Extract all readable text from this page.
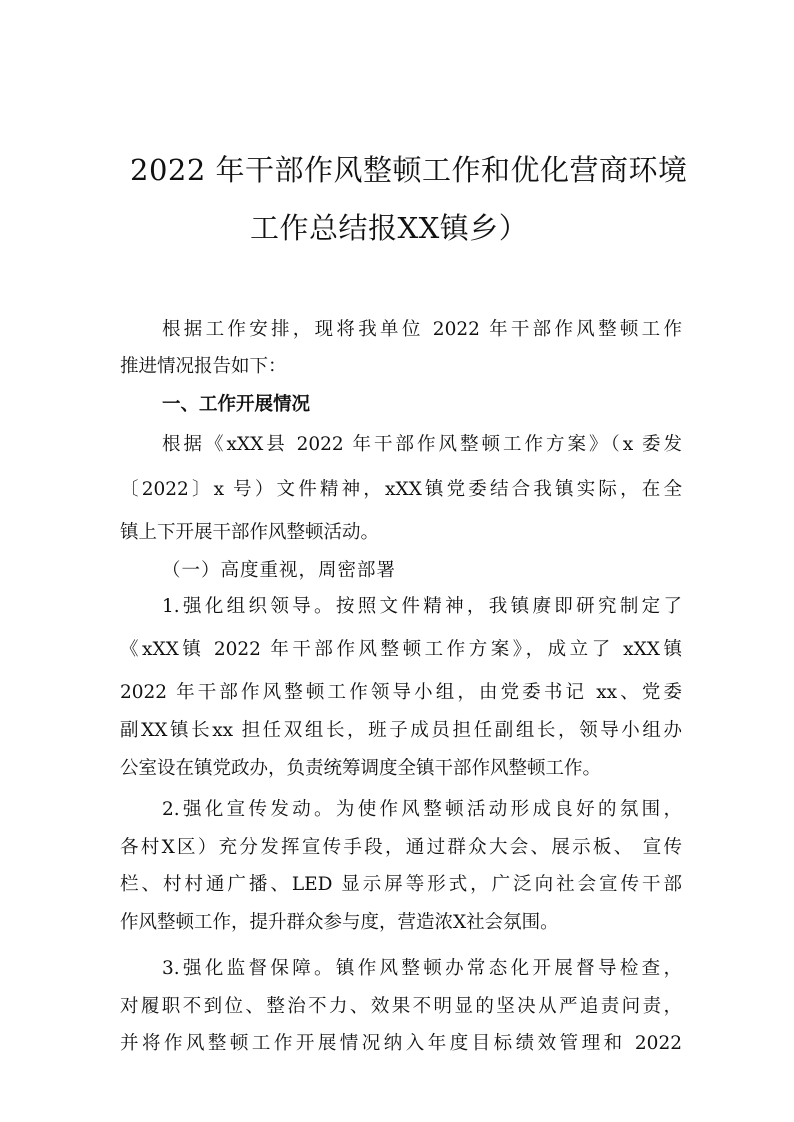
2022 年干部作风整顿工作和优化营商环境
工作总结报XX镇乡）
根据工作安排，现将我单位 2022 年干部作风整顿工作
推进情况报告如下：
一、工作开展情况
根据《xXX县 2022 年干部作风整顿工作方案》（x 委发
〔2022〕x 号）文件精神，xXX镇党委结合我镇实际，在全
镇上下开展干部作风整顿活动。
（一）高度重视，周密部署
1.强化组织领导。按照文件精神，我镇赓即研究制定了
《xXX镇 2022 年干部作风整顿工作方案》，成立了 xXX镇
2022 年干部作风整顿工作领导小组，由党委书记 xx、党委
副XX镇长xx 担任双组长，班子成员担任副组长，领导小组办
公室设在镇党政办，负责统筹调度全镇干部作风整顿工作。
2.强化宣传发动。为使作风整顿活动形成良好的氛围，
各村X区）充分发挥宣传手段，通过群众大会、展示板、 宣传
栏、村村通广播、LED 显示屏等形式，广泛向社会宣传干部
作风整顿工作，提升群众参与度，营造浓X社会氛围。
3.强化监督保障。镇作风整顿办常态化开展督导检查，
对履职不到位、整治不力、效果不明显的坚决从严追责问责，
并将作风整顿工作开展情况纳入年度目标绩效管理和 2022
